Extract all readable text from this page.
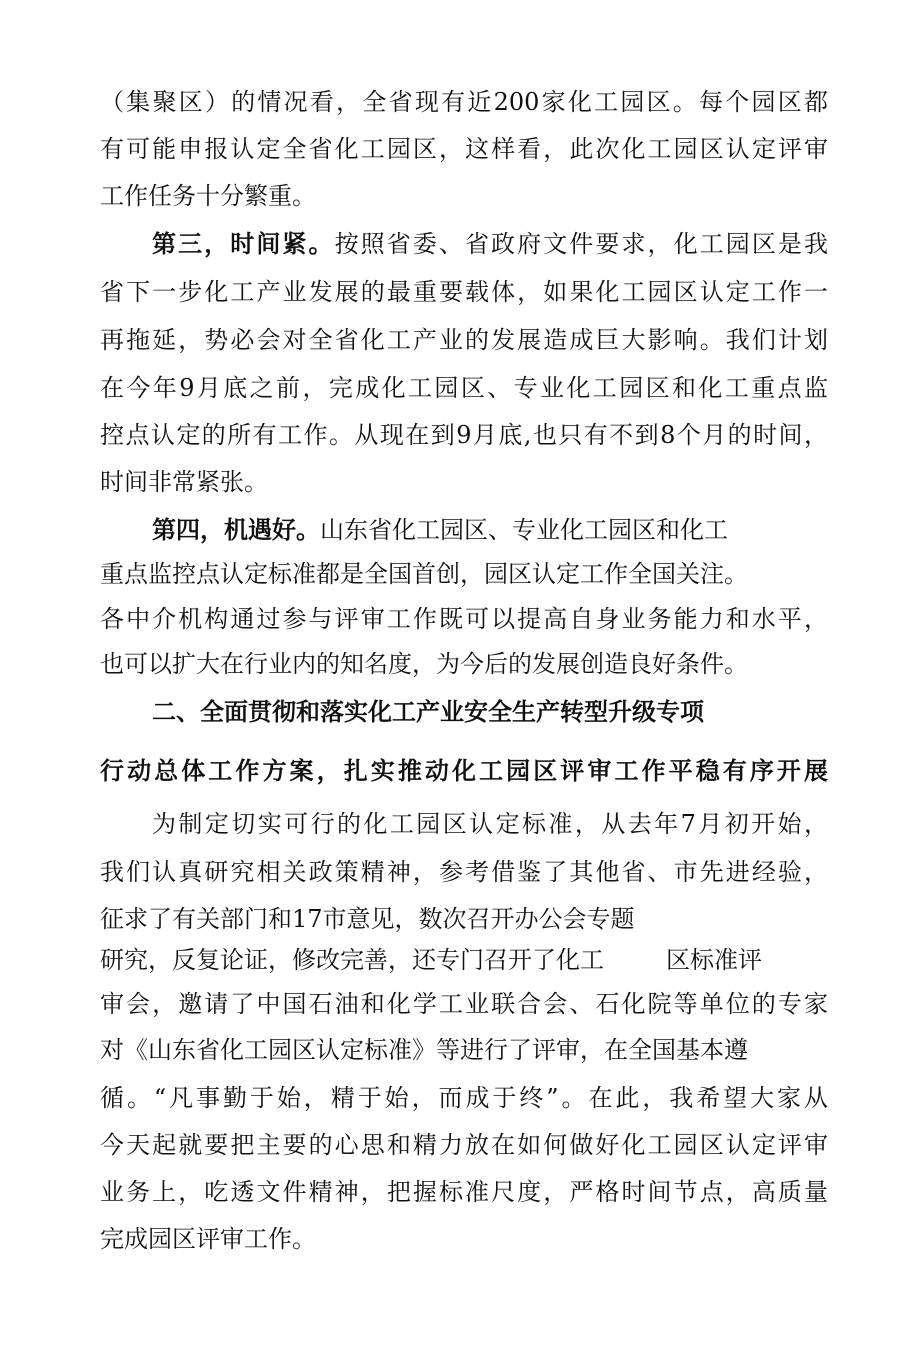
（集聚区）的情况看，全省现有近200家化工园区。每个园区都
有可能申报认定全省化工园区，这样看，此次化工园区认定评审
工作任务十分繁重。
第三，时间紧。按照省委、省政府文件要求，化工园区是我
省下一步化工产业发展的最重要载体，如果化工园区认定工作一
再拖延，势必会对全省化工产业的发展造成巨大影响。我们计划
在今年9月底之前，完成化工园区、专业化工园区和化工重点监
控点认定的所有工作。从现在到9月底,也只有不到8个月的时间，
时间非常紧张。
第四，机遇好。山东省化工园区、专业化工园区和化工
重点监控点认定标准都是全国首创，园区认定工作全国关注。
各中介机构通过参与评审工作既可以提高自身业务能力和水平，
也可以扩大在行业内的知名度，为今后的发展创造良好条件。
二、全面贯彻和落实化工产业安全生产转型升级专项
行动总体工作方案，扎实推动化工园区评审工作平稳有序开展
为制定切实可行的化工园区认定标准，从去年7月初开始，
我们认真研究相关政策精神，参考借鉴了其他省、市先进经验，
征求了有关部门和17市意见，数次召开办公会专题
研究，反复论证，修改完善，还专门召开了化工	区标准评
审会，邀请了中国石油和化学工业联合会、石化院等单位的专家
对《山东省化工园区认定标准》等进行了评审，在全国基本遵
循。“凡事勤于始，精于始，而成于终”。在此，我希望大家从
今天起就要把主要的心思和精力放在如何做好化工园区认定评审
业务上，吃透文件精神，把握标准尺度，严格时间节点，高质量
完成园区评审工作。
